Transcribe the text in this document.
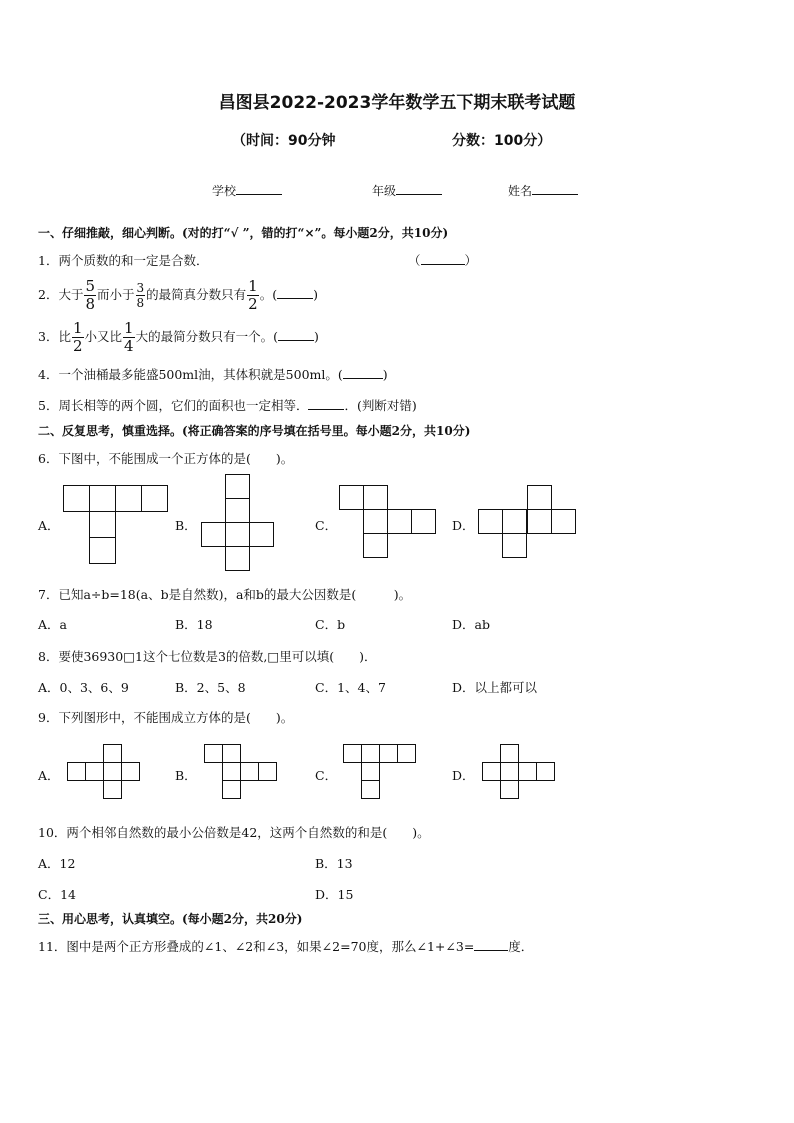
昌图县2022-2023学年数学五下期末联考试题
（时间：90分钟	分数：100分）
学校	年级	姓名
一、仔细推敲，细心判断。(对的打“√ ”，错的打“×”。每小题2分，共10分)
1．两个质数的和一定是合数．	（	）
2．大于 $\frac{5}{8}$ 而小于 $\frac{3}{8}$ 的最简真分数只有 $\frac{1}{2}$ 。(	)
3．比 $\frac{1}{2}$ 小又比 $\frac{1}{4}$ 大的最简分数只有一个。(	)
4．一个油桶最多能盛500ml油，其体积就是500ml。(	)
5．周长相等的两个圆，它们的面积也一定相等．	．(判断对错)
二、反复思考，慎重选择。(将正确答案的序号填在括号里。每小题2分，共10分)
6．下图中，不能围成一个正方体的是(　　)。
A．	B．	C．	D．
7．已知a÷b=18(a、b是自然数)，a和b的最大公因数是(　　　)。
A．a	B．18	C．b	D．ab
8．要使36930□1这个七位数是3的倍数,□里可以填(　　)．
A．0、3、6、9	B．2、5、8	C．1、4、7	D．以上都可以
9．下列图形中，不能围成立方体的是(　　)。
A．	B．	C．	D．
10．两个相邻自然数的最小公倍数是42，这两个自然数的和是(　　)。
A．12	B．13
C．14	D．15
三、用心思考，认真填空。(每小题2分，共20分)
11．图中是两个正方形叠成的∠1、∠2和∠3，如果∠2=70度，那么∠1+∠3=	度．
